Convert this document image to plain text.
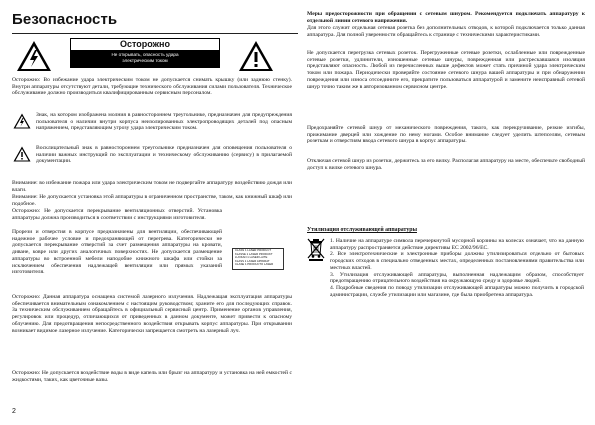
Безопасность
Осторожно
Не открывать, опасность удара
электрическим током
Осторожно: Во избежание удара электрическим током не допускается снимать крышку (или заднюю стенку). Внутри аппаратуры отсутствуют детали, требующие технического обслуживания силами пользователя. Техническое обслуживание должно производиться квалифицированным сервисным персоналом.
Знак, на котором изображена молния в равностороннем треугольнике, предназначен для предупреждения пользователя о наличии внутри корпуса неизолированных электропроводящих деталей под опасным напряжением, представляющим угрозу удара электрическим током.
Восклицательный знак в равностороннем треугольнике предназначен для оповещения пользователя о наличии важных инструкций по эксплуатации и техническому обслуживанию (сервису) в прилагаемой документации.
Внимание: во избежание пожара или удара электрическим током не подвергайте аппаратуру воздействию дождя или влаги.
Внимание: Не допускается установка этой аппаратуры в ограниченном пространстве, таком, как книжный шкаф или подобное.
Осторожно: Не допускается перекрывание вентиляционных отверстий. Установка аппаратуры должна производиться в соответствии с инструкциями изготовителя.
Прорези и отверстия в корпусе предназначены для вентиляции, обеспечивающей надежное рабочее условие и предохраняющей от перегрева. Категорически не допускается перекрывание отверстий за счет размещения аппаратуры на кровати, диване, ковре или других аналогичных поверхностях. Не допускается размещение аппаратуры во встроенной мебели наподобие книжного шкафа или стойки за исключением обеспечения надлежащей вентиляции или прямых указаний изготовителя.
CLASS 1 LASER PRODUCT
KLASSE 1 LASER PRODUKT
LUOKAN 1 LASER LAITE
KLASS 1 LASER APPARAT
CLASE 1 PRODUCTO LASER
Осторожно: Данная аппаратура оснащена системой лазерного излучения. Надлежащая эксплуатация аппаратуры обеспечивается внимательным ознакомлением с настоящим руководством; храните его для последующих справок. За техническим обслуживанием обращайтесь в официальный сервисный центр. Применение органов управления, регулировок или процедур, отличающихся от приведенных в данном документе, может привести к опасному облучению. Для предотвращения непосредственного воздействия открывать корпус аппаратуры. При открывании возникает видимое лазерное излучение. Категорически запрещается смотреть на лазерный луч.
Осторожно: Не допускается воздействие воды в виде капель или брызг на аппаратуру и установка на ней емкостей с жидкостями, таких, как цветочные вазы.
Меры предосторожности при обращении с сетевым шнуром. Рекомендуется подключать аппаратуру к отдельной линии сетевого напряжения.
Для этого служит отдельная сетевая розетка без дополнительных отводов, к которой подключается только данная аппаратура. Для полной уверенности обращайтесь к странице с техническими характеристиками.
Не допускается перегрузка сетевых розеток. Перегруженные сетевые розетки, ослабленные или поврежденные сетевые розетки, удлинители, изношенные сетевые шнуры, поврежденная или растрескавшаяся изоляция представляют опасность. Любой из перечисленных выше дефектов может стать причиной удара электрическим током или пожара. Периодически проверяйте состояние сетевого шнура вашей аппаратуры и при обнаружении повреждения или износа отсоедините его, прекратите пользоваться аппаратурой и замените неисправный сетевой шнур точно таким же в авторизованном сервисном центре.
Предохраняйте сетевой шнур от механического повреждения, такого, как перекручивание, резкие изгибы, прижимание дверцей или хождение по нему ногами. Особое внимание следует уделить штепселям, сетевым розеткам и отверстиям ввода сетевого шнура в корпус аппаратуры.
Отключая сетевой шнур из розетки, держитесь за его вилку. Располагая аппаратуру на месте, обеспечьте свободный доступ к вилке сетевого шнура.
Утилизация отслуживающей аппаратуры
1. Наличие на аппаратуре символа перечеркнутой мусорной корзины на колесах означает, что на данную аппаратуру распространяется действие директивы ЕС 2002/96/ЕС.
2. Все электротехнические и электронные приборы должны утилизироваться отдельно от бытовых городских отходов в специально отведенных местах, определенных постановлениями правительства или местных властей.
3. Утилизация отслуживающей аппаратуры, выполненная надлежащим образом, способствует предотвращению отрицательного воздействия на окружающую среду и здоровье людей.
4. Подробные сведения по поводу утилизации отслуживающей аппаратуры можно получить в городской администрации, службе утилизации или магазине, где была приобретена аппаратура.
2
